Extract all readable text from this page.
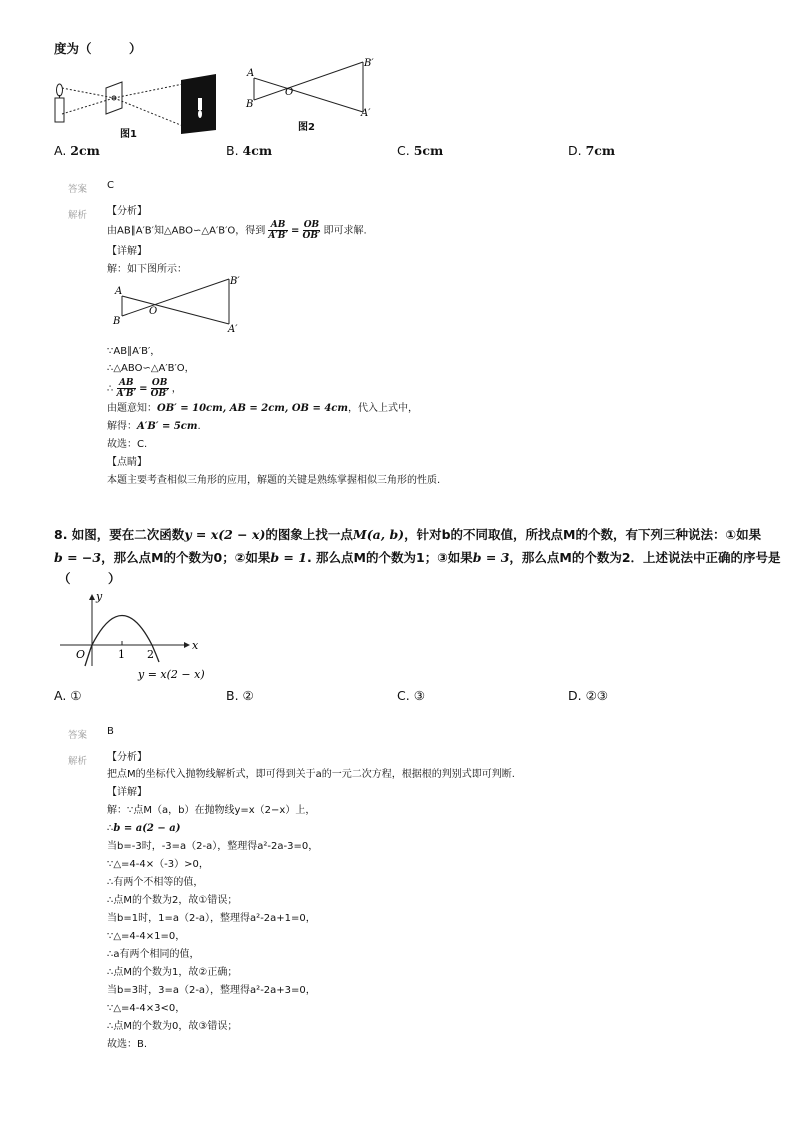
度为（　　　）
图1
A
B
O
B′
A′
图2
A. 2cm	B. 4cm	C. 5cm	D. 7cm
答案 C
解析 【分析】
由AB∥A′B′知△ABO∽△A′B′O，得到 $\frac{AB}{A'B'} = \frac{OB}{OB'}$ 即可求解.
【详解】
解：如下图所示：
A
B
O
B′
A′
∵AB∥A′B′，
∴△ABO∽△A′B′O，
∴ $\frac{AB}{A'B'} = \frac{OB}{OB'}$ ，
由题意知：OB′ = 10cm, AB = 2cm, OB = 4cm，代入上式中，
解得：A′B′ = 5cm.
故选：C.
【点睛】
本题主要考查相似三角形的应用，解题的关键是熟练掌握相似三角形的性质.
8. 如图，要在二次函数y = x(2 − x)的图象上找一点M(a, b)，针对b的不同取值，所找点M的个数，有下列三种说法：①如果
b = −3，那么点M的个数为0；②如果b = 1. 那么点M的个数为1；③如果b = 3，那么点M的个数为2．上述说法中正确的序号是
（　　　）
y
x
O	1 2
y = x(2 − x)
A. ①	B. ②	C. ③	D. ②③
答案 B
解析 【分析】
把点M的坐标代入抛物线解析式，即可得到关于a的一元二次方程，根据根的判别式即可判断.
【详解】
解：∵点M（a，b）在抛物线y=x（2−x）上，
∴b = a(2 − a)
当b=-3时，-3=a（2-a），整理得a²-2a-3=0，
∵△=4-4×（-3）>0，
∴有两个不相等的值，
∴点M的个数为2，故①错误；
当b=1时，1=a（2-a），整理得a²-2a+1=0，
∵△=4-4×1=0，
∴a有两个相同的值，
∴点M的个数为1，故②正确；
当b=3时，3=a（2-a），整理得a²-2a+3=0，
∵△=4-4×3<0，
∴点M的个数为0，故③错误；
故选：B.
